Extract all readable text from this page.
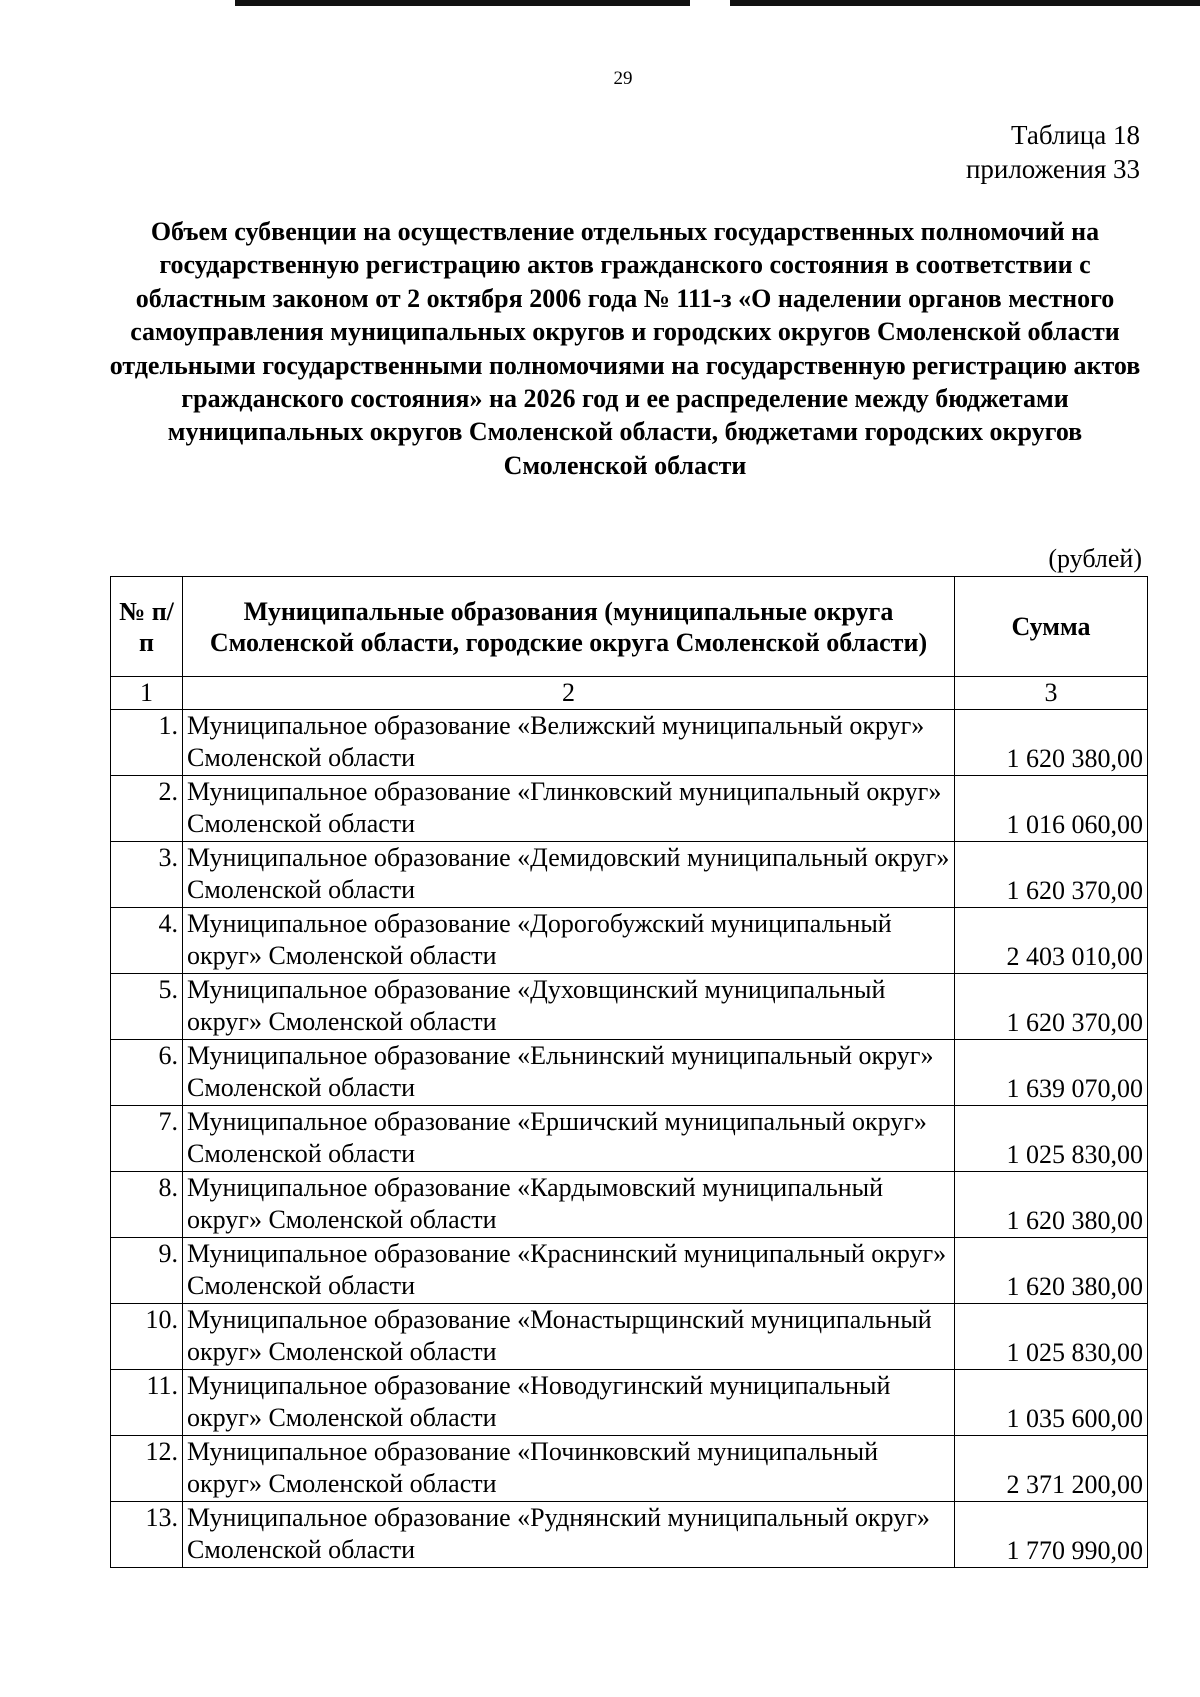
29
Таблица 18
приложения 33
Объем субвенции на осуществление отдельных государственных полномочий на государственную регистрацию актов гражданского состояния в соответствии с областным законом от 2 октября 2006 года № 111-з «О наделении органов местного самоуправления муниципальных округов и городских округов Смоленской области отдельными государственными полномочиями на государственную регистрацию актов гражданского состояния» на 2026 год и ее распределение между бюджетами муниципальных округов Смоленской области, бюджетами городских округов Смоленской области
(рублей)
№ п/п	Муниципальные образования (муниципальные округа Смоленской области, городские округа Смоленской области)	Сумма
1	2	3
1.	Муниципальное образование «Велижский муниципальный округ» Смоленской области	1 620 380,00
2.	Муниципальное образование «Глинковский муниципальный округ» Смоленской области	1 016 060,00
3.	Муниципальное образование «Демидовский муниципальный округ» Смоленской области	1 620 370,00
4.	Муниципальное образование «Дорогобужский муниципальный округ» Смоленской области	2 403 010,00
5.	Муниципальное образование «Духовщинский муниципальный округ» Смоленской области	1 620 370,00
6.	Муниципальное образование «Ельнинский муниципальный округ» Смоленской области	1 639 070,00
7.	Муниципальное образование «Ершичский муниципальный округ» Смоленской области	1 025 830,00
8.	Муниципальное образование «Кардымовский муниципальный округ» Смоленской области	1 620 380,00
9.	Муниципальное образование «Краснинский муниципальный округ» Смоленской области	1 620 380,00
10.	Муниципальное образование «Монастырщинский муниципальный округ» Смоленской области	1 025 830,00
11.	Муниципальное образование «Новодугинский муниципальный округ» Смоленской области	1 035 600,00
12.	Муниципальное образование «Починковский муниципальный округ» Смоленской области	2 371 200,00
13.	Муниципальное образование «Руднянский муниципальный округ» Смоленской области	1 770 990,00
